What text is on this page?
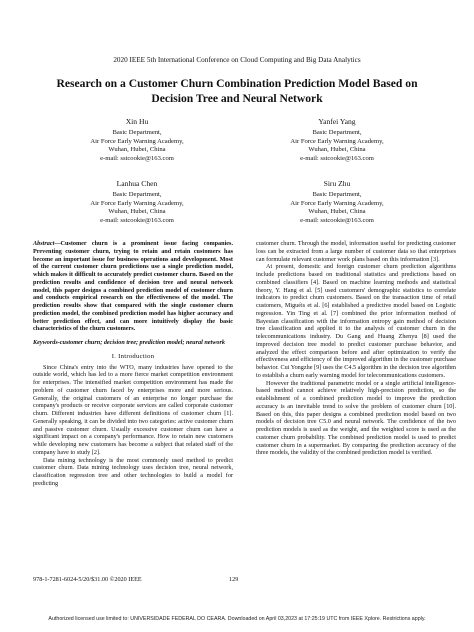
2020 IEEE 5th International Conference on Cloud Computing and Big Data Analytics
Research on a Customer Churn Combination Prediction Model Based on Decision Tree and Neural Network
Xin Hu
Basic Department,
Air Force Early Warning Academy,
Wuhan, Hubei, China
e-mail: sstcookie@163.com
Yanfei Yang
Basic Department,
Air Force Early Warning Academy,
Wuhan, Hubei, China
e-mail: sstcookie@163.com
Lanhua Chen
Basic Department,
Air Force Early Warning Academy,
Wuhan, Hubei, China
e-mail: sstcookie@163.com
Siru Zhu
Basic Department,
Air Force Early Warning Academy,
Wuhan, Hubei, China
e-mail: sstcookie@163.com

Abstract—Customer churn is a prominent issue facing companies. Preventing customer churn, trying to retain and retain customers has become an important issue for business operations and development. Most of the current customer churn predictions use a single prediction model, which makes it difficult to accurately predict customer churn. Based on the prediction results and confidence of decision tree and neural network model, this paper designs a combined prediction model of customer churn and conducts empirical research on the effectiveness of the model. The prediction results show that compared with the single customer churn prediction model, the combined prediction model has higher accuracy and better prediction effect, and can more intuitively display the basic characteristics of the churn customers.

Keywords-customer churn; decision tree; prediction model; neural network

I. Introduction

Since China's entry into the WTO, many industries have opened to the outside world, which has led to a more fierce market competition environment for enterprises. The intensified market competition environment has made the problem of customer churn faced by enterprises more and more serious. Generally, the original customers of an enterprise no longer purchase the company's products or receive corporate services are called corporate customer churn. Different industries have different definitions of customer churn [1]. Generally speaking, it can be divided into two categories: active customer churn and passive customer churn. Usually excessive customer churn can have a significant impact on a company's performance. How to retain new customers while developing new customers has become a subject that related staff of the company have to study [2].

Data mining technology is the most commonly used method to predict customer churn. Data mining technology uses decision tree, neural network, classification regression tree and other technologies to build a model for predicting

customer churn. Through the model, information useful for predicting customer loss can be extracted from a large number of customer data so that enterprises can formulate relevant customer work plans based on this information [3].

At present, domestic and foreign customer churn prediction algorithms include predictions based on traditional statistics and predictions based on combined classifiers [4]. Based on machine learning methods and statistical theory, Y. Hang et al. [5] used customers' demographic statistics to correlate indicators to predict churn customers. Based on the transaction time of retail customers, Miguéis et al. [6] established a predictive model based on Logistic regression. Yin Ting et al. [7] combined the prior information method of Bayesian classification with the information entropy gain method of decision tree classification and applied it to the analysis of customer churn in the telecommunications industry. Du Gang and Huang Zhenyu [8] used the improved decision tree model to predict customer purchase behavior, and analyzed the effect comparison before and after optimization to verify the effectiveness and efficiency of the improved algorithm in the customer purchase behavior. Cui Yongzhe [9] uses the C4.5 algorithm in the decision tree algorithm to establish a churn early warning model for telecommunications customers.

However the traditional parametric model or a single artificial intelligence-based method cannot achieve relatively high-precision prediction, so the establishment of a combined prediction model to improve the prediction accuracy is an inevitable trend to solve the problem of customer churn [10]. Based on this, this paper designs a combined prediction model based on two models of decision tree C5.0 and neural network. The confidence of the two prediction models is used as the weight, and the weighted score is used as the customer churn probability. The combined prediction model is used to predict customer churn in a supermarket. By comparing the prediction accuracy of the three models, the validity of the combined prediction model is verified.

978-1-7281-6024-5/20/$31.00 ©2020 IEEE	129
Authorized licensed use limited to: UNIVERSIDADE FEDERAL DO CEARA. Downloaded on April 03,2023 at 17:25:19 UTC from IEEE Xplore. Restrictions apply.
